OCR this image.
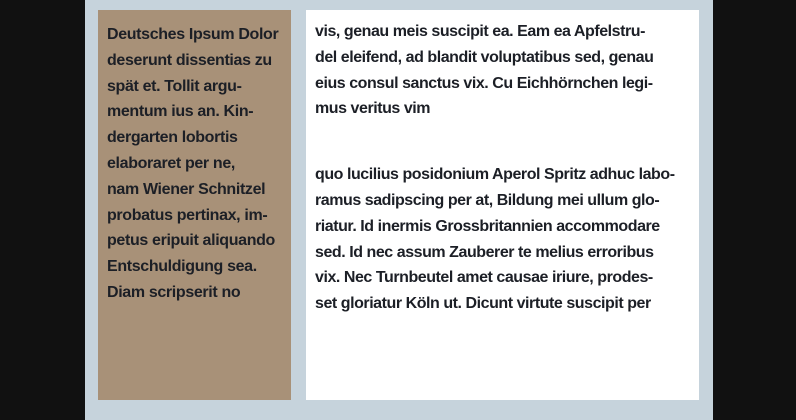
Deutsches Ipsum Dolor
deserunt dissentias zu
spät et. Tollit argu-
mentum ius an. Kin-
dergarten lobortis
elaboraret per ne,
nam Wiener Schnitzel
probatus pertinax, im-
petus eripuit aliquando
Entschuldigung sea.
Diam scripserit no

vis, genau meis suscipit ea. Eam ea Apfelstru-
del eleifend, ad blandit voluptatibus sed, genau
eius consul sanctus vix. Cu Eichhörnchen legi-
mus veritus vim

quo lucilius posidonium Aperol Spritz adhuc labo-
ramus sadipscing per at, Bildung mei ullum glo-
riatur. Id inermis Grossbritannien accommodare
sed. Id nec assum Zauberer te melius erroribus
vix. Nec Turnbeutel amet causae iriure, prodes-
set gloriatur Köln ut. Dicunt virtute suscipit per
